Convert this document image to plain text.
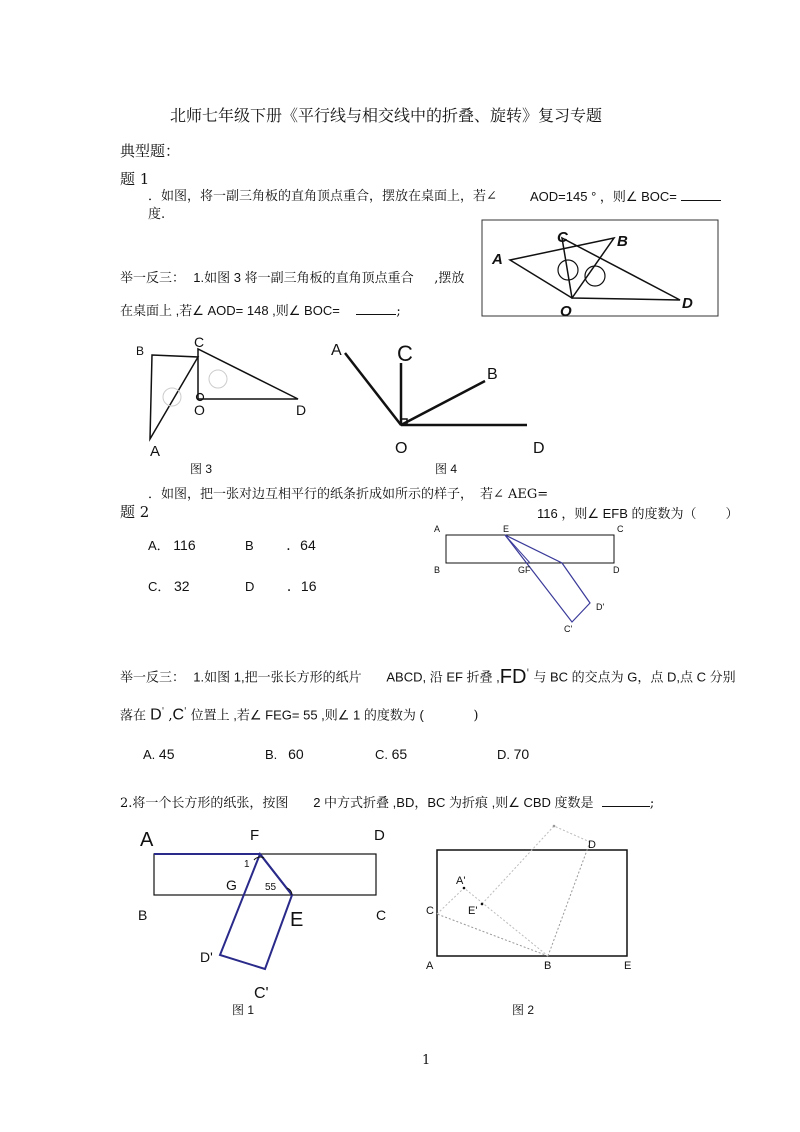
北师七年级下册《平行线与相交线中的折叠、旋转》复习专题
典型题：
题 1
．如图，将一副三角板的直角顶点重合，摆放在桌面上，若∠	AOD=145 ° ，则∠ BOC=
度.
C	B
A
O	D
举一反三： 1.如图 3 将一副三角板的直角顶点重合 ,摆放
在桌面上 ,若∠ AOD= 148 ,则∠ BOC=	;
B
C
O	D
A
图 3
A	C
B
O	D
图 4
．如图，把一张对边互相平行的纸条折成如所示的样子， 若∠ AEG=
题 2	116 ，则∠ EFB 的度数为（ ）
A． 116	B ．64
C． 32	D ．16
A	E	C
B	GF	D
D'
C'
举一反三： 1.如图 1,把一张长方形的纸片 ABCD, 沿 EF 折叠 ,FD' 与 BC 的交点为 G，点 D,点 C 分别
落在 D' ,C' 位置上 ,若∠ FEG= 55 ,则∠ 1 的度数为 (	)
A. 45	B. 60	C. 65	D. 70
2.将一个长方形的纸张，按图 2 中方式折叠 ,BD，BC 为折痕 ,则∠ CBD 度数是	;
A	F	D
1
G	55
B	E	C
D'
C'
图 1
D
A'
C	E'
A	B	E
图 2
1
